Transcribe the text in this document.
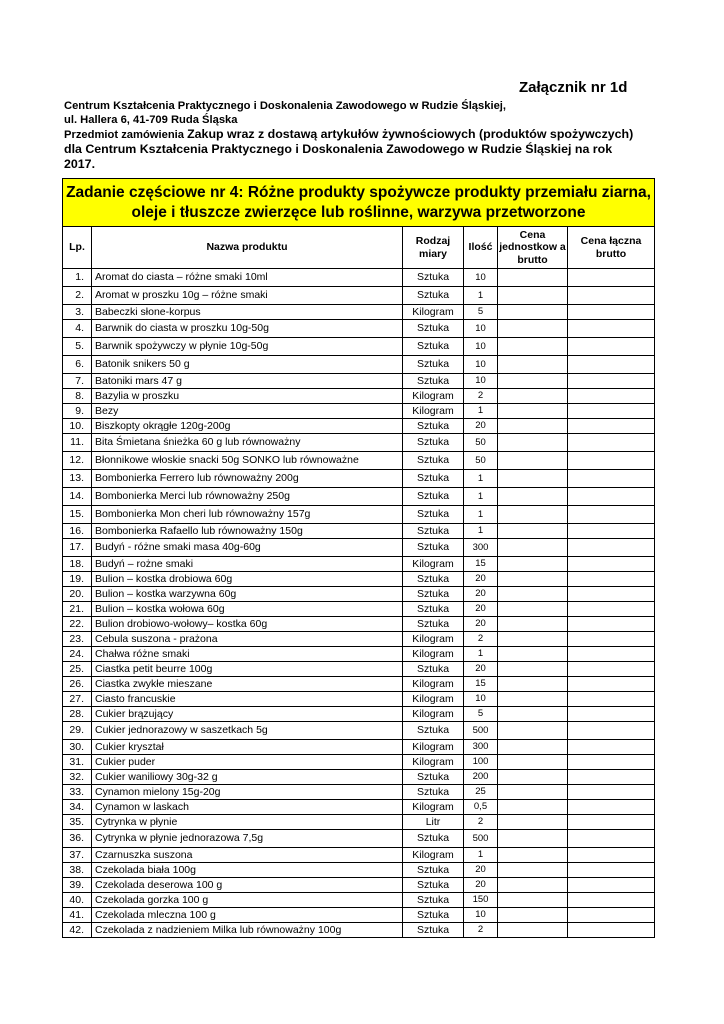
Załącznik nr 1d
Centrum Kształcenia Praktycznego i Doskonalenia Zawodowego w Rudzie Śląskiej,
ul. Hallera 6, 41-709 Ruda Śląska
Przedmiot zamówienia Zakup wraz z dostawą artykułów żywnościowych (produktów spożywczych) dla Centrum Kształcenia Praktycznego i Doskonalenia Zawodowego w Rudzie Śląskiej na rok 2017.
Zadanie częściowe nr 4: Różne produkty spożywcze produkty przemiału ziarna, oleje i tłuszcze zwierzęce lub roślinne, warzywa przetworzone					
Lp.	Nazwa produktu	Rodzaj miary	Ilość	Cena jednostkow a brutto	Cena łączna brutto
1.	Aromat do ciasta – różne smaki 10ml	Sztuka	10		
2.	Aromat w proszku 10g – różne smaki	Sztuka	1		
3.	Babeczki słone-korpus	Kilogram	5		
4.	Barwnik do ciasta w proszku 10g-50g	Sztuka	10		
5.	Barwnik spożywczy w płynie 10g-50g	Sztuka	10		
6.	Batonik snikers 50 g	Sztuka	10		
7.	Batoniki mars 47 g	Sztuka	10		
8.	Bazylia w proszku	Kilogram	2		
9.	Bezy	Kilogram	1		
10.	Biszkopty okrągłe 120g-200g	Sztuka	20		
11.	Bita Śmietana śnieżka 60 g lub równoważny	Sztuka	50		
12.	Błonnikowe włoskie snacki 50g SONKO lub równoważne	Sztuka	50		
13.	Bombonierka Ferrero lub równoważny 200g	Sztuka	1		
14.	Bombonierka Merci lub równoważny 250g	Sztuka	1		
15.	Bombonierka Mon cheri lub równoważny 157g	Sztuka	1		
16.	Bombonierka Rafaello lub równoważny 150g	Sztuka	1		
17.	Budyń - różne smaki masa 40g-60g	Sztuka	300		
18.	Budyń – rożne smaki	Kilogram	15		
19.	Bulion – kostka drobiowa 60g	Sztuka	20		
20.	Bulion – kostka warzywna 60g	Sztuka	20		
21.	Bulion – kostka wołowa 60g	Sztuka	20		
22.	Bulion drobiowo-wołowy– kostka 60g	Sztuka	20		
23.	Cebula suszona - prażona	Kilogram	2		
24.	Chałwa różne smaki	Kilogram	1		
25.	Ciastka petit beurre 100g	Sztuka	20		
26.	Ciastka zwykłe mieszane	Kilogram	15		
27.	Ciasto francuskie	Kilogram	10		
28.	Cukier brązujący	Kilogram	5		
29.	Cukier jednorazowy w saszetkach 5g	Sztuka	500		
30.	Cukier kryształ	Kilogram	300		
31.	Cukier puder	Kilogram	100		
32.	Cukier waniliowy 30g-32 g	Sztuka	200		
33.	Cynamon mielony 15g-20g	Sztuka	25		
34.	Cynamon w laskach	Kilogram	0,5		
35.	Cytrynka w płynie	Litr	2		
36.	Cytrynka w płynie jednorazowa 7,5g	Sztuka	500		
37.	Czarnuszka suszona	Kilogram	1		
38.	Czekolada biała 100g	Sztuka	20		
39.	Czekolada deserowa 100 g	Sztuka	20		
40.	Czekolada gorzka 100 g	Sztuka	150		
41.	Czekolada mleczna 100 g	Sztuka	10		
42.	Czekolada z nadzieniem Milka lub równoważny 100g	Sztuka	2		
